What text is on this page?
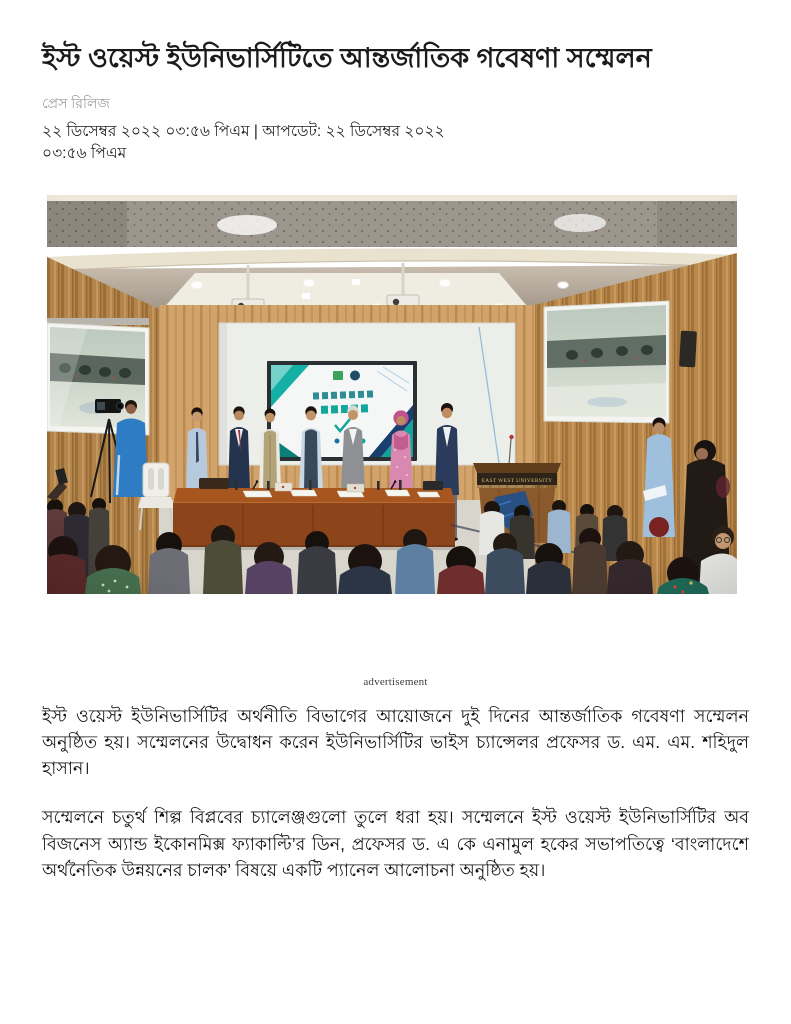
ইস্ট ওয়েস্ট ইউনিভার্সিটিতে আন্তর্জাতিক গবেষণা সম্মেলন
প্রেস রিলিজ
২২ ডিসেম্বর ২০২২ ০৩:৫৬ পিএম | আপডেট: ২২ ডিসেম্বর ২০২২
০৩:৫৬ পিএম
advertisement

ইস্ট ওয়েস্ট ইউনিভার্সিটির অর্থনীতি বিভাগের আয়োজনে দুই দিনের আন্তর্জাতিক গবেষণা সম্মেলন অনুষ্ঠিত হয়। সম্মেলনের উদ্বোধন করেন ইউনিভার্সিটির ভাইস চ্যান্সেলর প্রফেসর ড. এম. এম. শহিদুল হাসান।

সম্মেলনে চতুর্থ শিল্প বিপ্লবের চ্যালেঞ্জগুলো তুলে ধরা হয়। সম্মেলনে ইস্ট ওয়েস্ট ইউনিভার্সিটির অব বিজনেস অ্যান্ড ইকোনমিক্স ফ্যাকাল্টি’র ডিন, প্রফেসর ড. এ কে এনামুল হকের সভাপতিত্বে ‘বাংলাদেশে অর্থনৈতিক উন্নয়নের চালক’ বিষয়ে একটি প্যানেল আলোচনা অনুষ্ঠিত হয়।
